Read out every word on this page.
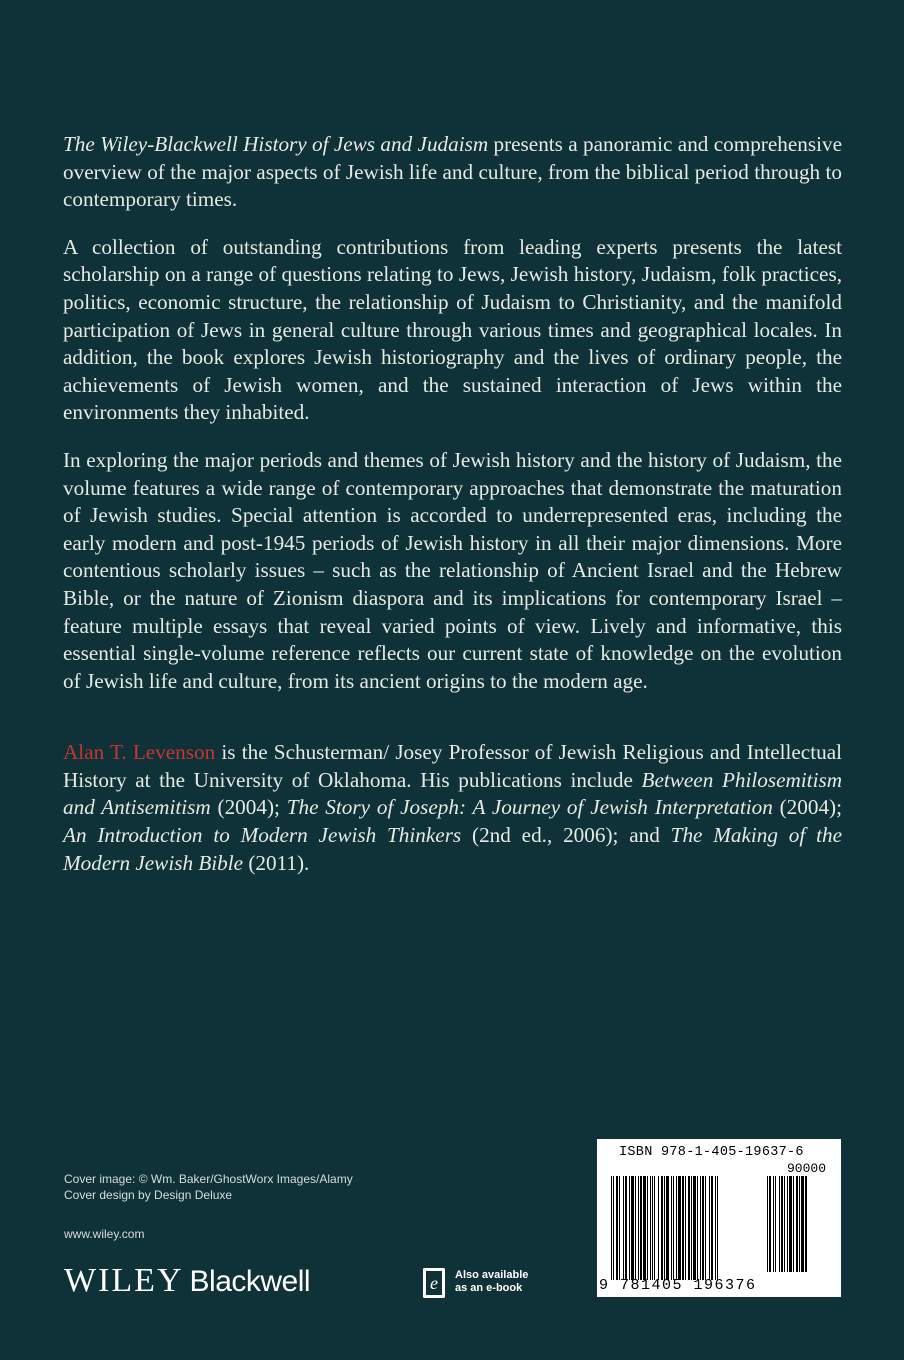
The Wiley-Blackwell History of Jews and Judaism presents a panoramic and comprehensive overview of the major aspects of Jewish life and culture, from the biblical period through to contemporary times.

A collection of outstanding contributions from leading experts presents the latest scholarship on a range of questions relating to Jews, Jewish history, Judaism, folk practices, politics, economic structure, the relationship of Judaism to Christianity, and the manifold participation of Jews in general culture through various times and geographical locales. In addition, the book explores Jewish historiography and the lives of ordinary people, the achievements of Jewish women, and the sustained interaction of Jews within the environments they inhabited.

In exploring the major periods and themes of Jewish history and the history of Judaism, the volume features a wide range of contemporary approaches that demonstrate the maturation of Jewish studies. Special attention is accorded to underrepresented eras, including the early modern and post-1945 periods of Jewish history in all their major dimensions. More contentious scholarly issues – such as the relationship of Ancient Israel and the Hebrew Bible, or the nature of Zionism diaspora and its implications for contemporary Israel – feature multiple essays that reveal varied points of view. Lively and informative, this essential single-volume reference reflects our current state of knowledge on the evolution of Jewish life and culture, from its ancient origins to the modern age.

Alan T. Levenson is the Schusterman/ Josey Professor of Jewish Religious and Intellectual History at the University of Oklahoma. His publications include Between Philosemitism and Antisemitism (2004); The Story of Joseph: A Journey of Jewish Interpretation (2004); An Introduction to Modern Jewish Thinkers (2nd ed., 2006); and The Making of the Modern Jewish Bible (2011).

Cover image: © Wm. Baker/GhostWorx Images/Alamy
Cover design by Design Deluxe
www.wiley.com
WILEY Blackwell	e Also available
as an e-book
ISBN 978-1-405-19637-6
90000
9 781405 196376
